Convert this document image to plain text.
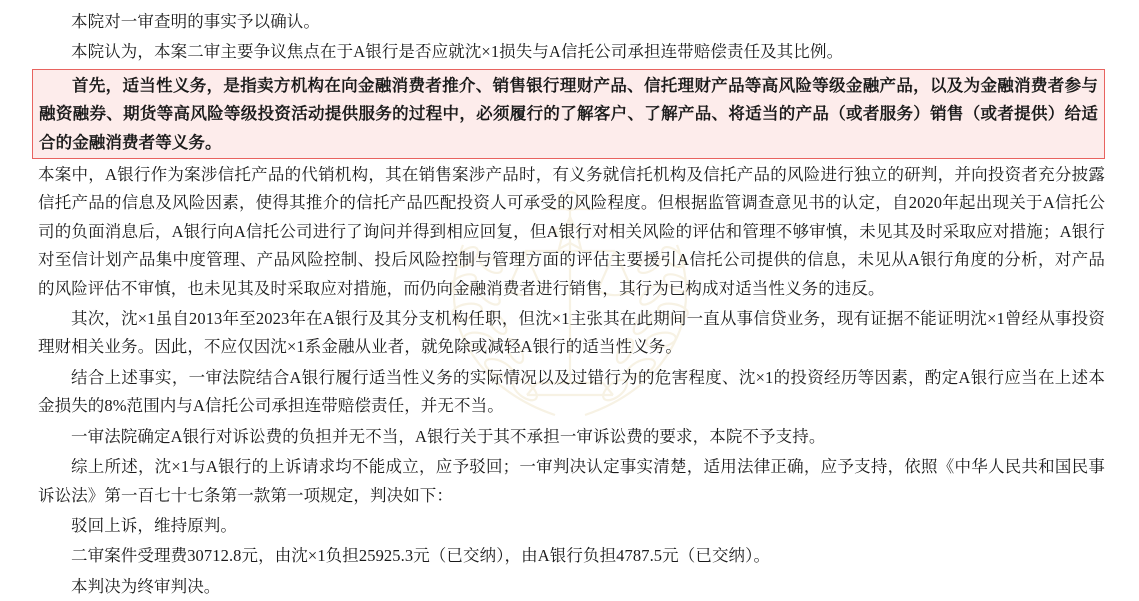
本院对一审查明的事实予以确认。

本院认为，本案二审主要争议焦点在于A银行是否应就沈×1损失与A信托公司承担连带赔偿责任及其比例。

首先，适当性义务，是指卖方机构在向金融消费者推介、销售银行理财产品、信托理财产品等高风险等级金融产品，以及为金融消费者参与融资融券、期货等高风险等级投资活动提供服务的过程中，必须履行的了解客户、了解产品、将适当的产品（或者服务）销售（或者提供）给适合的金融消费者等义务。

本案中，A银行作为案涉信托产品的代销机构，其在销售案涉产品时，有义务就信托机构及信托产品的风险进行独立的研判，并向投资者充分披露信托产品的信息及风险因素，使得其推介的信托产品匹配投资人可承受的风险程度。但根据监管调查意见书的认定，自2020年起出现关于A信托公司的负面消息后，A银行向A信托公司进行了询问并得到相应回复，但A银行对相关风险的评估和管理不够审慎，未见其及时采取应对措施；A银行对至信计划产品集中度管理、产品风险控制、投后风险控制与管理方面的评估主要援引A信托公司提供的信息，未见从A银行角度的分析，对产品的风险评估不审慎，也未见其及时采取应对措施，而仍向金融消费者进行销售，其行为已构成对适当性义务的违反。

其次，沈×1虽自2013年至2023年在A银行及其分支机构任职，但沈×1主张其在此期间一直从事信贷业务，现有证据不能证明沈×1曾经从事投资理财相关业务。因此，不应仅因沈×1系金融从业者，就免除或减轻A银行的适当性义务。

结合上述事实，一审法院结合A银行履行适当性义务的实际情况以及过错行为的危害程度、沈×1的投资经历等因素，酌定A银行应当在上述本金损失的8%范围内与A信托公司承担连带赔偿责任，并无不当。

一审法院确定A银行对诉讼费的负担并无不当，A银行关于其不承担一审诉讼费的要求，本院不予支持。

综上所述，沈×1与A银行的上诉请求均不能成立，应予驳回；一审判决认定事实清楚，适用法律正确，应予支持，依照《中华人民共和国民事诉讼法》第一百七十七条第一款第一项规定，判决如下：

驳回上诉，维持原判。

二审案件受理费30712.8元，由沈×1负担25925.3元（已交纳），由A银行负担4787.5元（已交纳）。

本判决为终审判决。
